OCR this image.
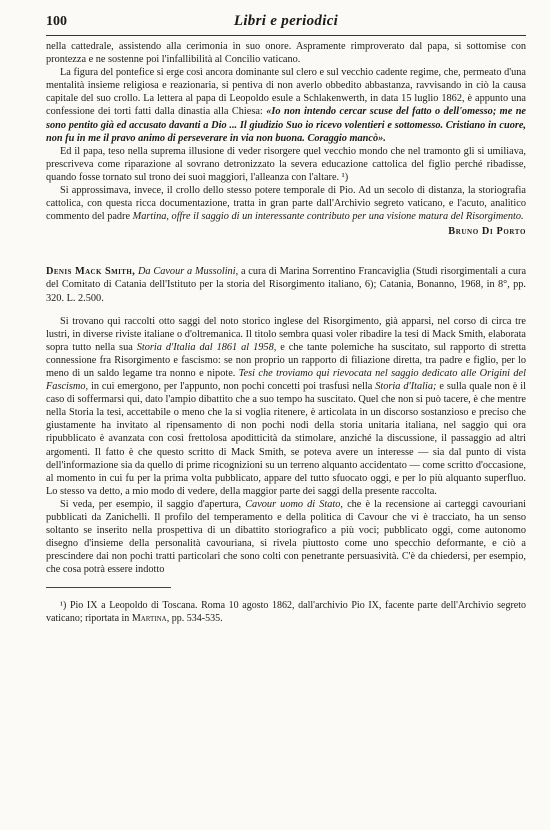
100	Libri e periodici

nella cattedrale, assistendo alla cerimonia in suo onore. Aspramente rimproverato dal papa, si sottomise con prontezza e ne sostenne poi l'infallibilità al Concilio vaticano.

La figura del pontefice si erge così ancora dominante sul clero e sul vecchio cadente regime, che, permeato d'una mentalità insieme religiosa e reazionaria, si pentiva di non averlo obbedito abbastanza, ravvisando in ciò la causa capitale del suo crollo. La lettera al papa di Leopoldo esule a Schlakenwerth, in data 15 luglio 1862, è appunto una confessione dei torti fatti dalla dinastia alla Chiesa: «Io non intendo cercar scuse del fatto o dell'omesso; me ne sono pentito già ed accusato davanti a Dio ... Il giudizio Suo io ricevo volentieri e sottomesso. Cristiano in cuore, non fu in me il pravo animo di perseverare in via non buona. Coraggio mancò».

Ed il papa, teso nella suprema illusione di veder risorgere quel vecchio mondo che nel tramonto gli si umiliava, prescriveva come riparazione al sovrano detronizzato la severa educazione cattolica del figlio perché ribadisse, quando fosse tornato sul trono dei suoi maggiori, l'alleanza con l'altare. ¹)

Si approssimava, invece, il crollo dello stesso potere temporale di Pio. Ad un secolo di distanza, la storiografia cattolica, con questa ricca documentazione, tratta in gran parte dall'Archivio segreto vaticano, e l'acuto, analitico commento del padre Martina, offre il saggio di un interessante contributo per una visione matura del Risorgimento.

Bruno Di Porto

Denis Mack Smith, Da Cavour a Mussolini, a cura di Marina Sorrentino Francaviglia (Studi risorgimentali a cura del Comitato di Catania dell'Istituto per la storia del Risorgimento italiano, 6); Catania, Bonanno, 1968, in 8°, pp. 320. L. 2.500.

Si trovano qui raccolti otto saggi del noto storico inglese del Risorgimento, già apparsi, nel corso di circa tre lustri, in diverse riviste italiane o d'oltremanica. Il titolo sembra quasi voler ribadire la tesi di Mack Smith, elaborata sopra tutto nella sua Storia d'Italia dal 1861 al 1958, e che tante polemiche ha suscitato, sul rapporto di stretta connessione fra Risorgimento e fascismo: se non proprio un rapporto di filiazione diretta, tra padre e figlio, per lo meno di un saldo legame tra nonno e nipote. Tesi che troviamo qui rievocata nel saggio dedicato alle Origini del Fascismo, in cui emergono, per l'appunto, non pochi concetti poi trasfusi nella Storia d'Italia; e sulla quale non è il caso di soffermarsi qui, dato l'ampio dibattito che a suo tempo ha suscitato. Quel che non si può tacere, è che mentre nella Storia la tesi, accettabile o meno che la si voglia ritenere, è articolata in un discorso sostanzioso e preciso che giustamente ha invitato al ripensamento di non pochi nodi della storia unitaria italiana, nel saggio qui ora ripubblicato è avanzata con così frettolosa apoditticità da stimolare, anziché la discussione, il passaggio ad altri argomenti. Il fatto è che questo scritto di Mack Smith, se poteva avere un interesse — sia dal punto di vista dell'informazione sia da quello di prime ricognizioni su un terreno alquanto accidentato — come scritto d'occasione, al momento in cui fu per la prima volta pubblicato, appare del tutto sfuocato oggi, e per lo più alquanto superfluo. Lo stesso va detto, a mio modo di vedere, della maggior parte dei saggi della presente raccolta.

Si veda, per esempio, il saggio d'apertura, Cavour uomo di Stato, che è la recensione ai carteggi cavouriani pubblicati da Zanichelli. Il profilo del temperamento e della politica di Cavour che vi è tracciato, ha un senso soltanto se inserito nella prospettiva di un dibattito storiografico a più voci; pubblicato oggi, come autonomo disegno d'insieme della personalità cavouriana, si rivela piuttosto come uno specchio deformante, e ciò a prescindere dai non pochi tratti particolari che sono colti con penetrante persuasività. C'è da chiedersi, per esempio, che cosa potrà essere indotto

¹) Pio IX a Leopoldo di Toscana. Roma 10 agosto 1862, dall'archivio Pio IX, facente parte dell'Archivio segreto vaticano; riportata in Martina, pp. 534-535.
